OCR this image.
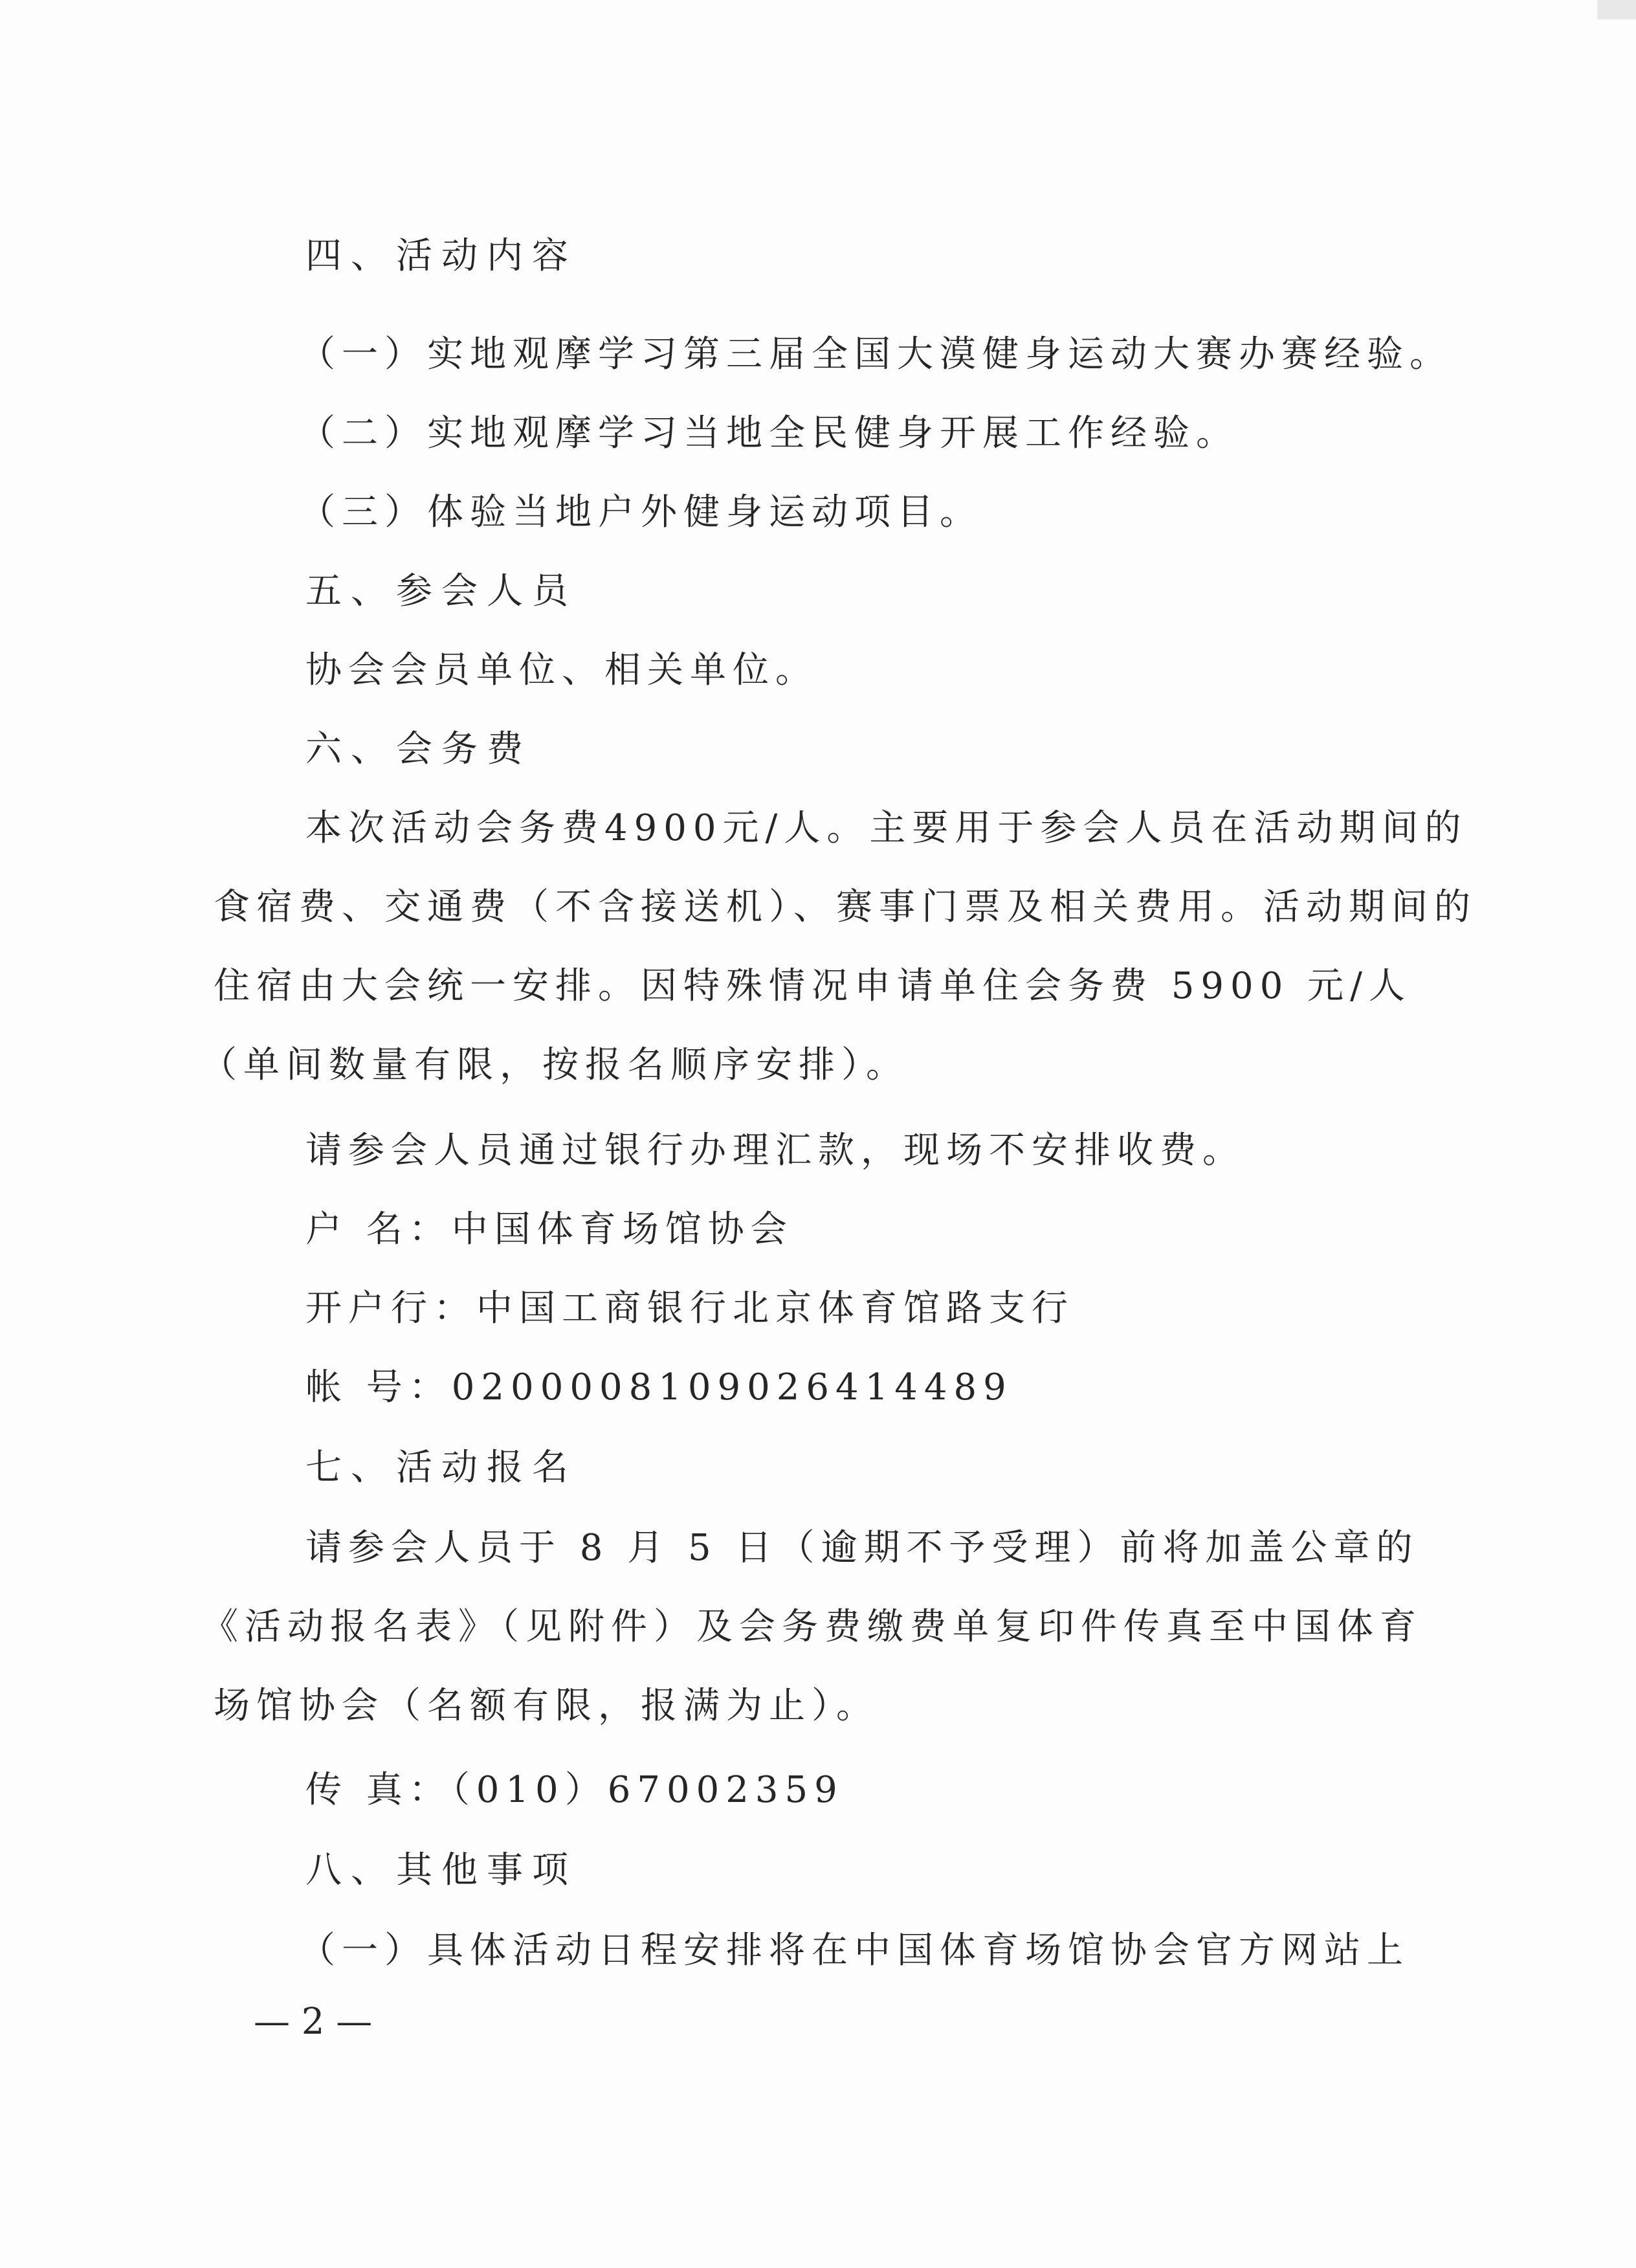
四、活动内容
（一）实地观摩学习第三届全国大漠健身运动大赛办赛经验。
（二）实地观摩学习当地全民健身开展工作经验。
（三）体验当地户外健身运动项目。
五、参会人员
协会会员单位、相关单位。
六、会务费
本次活动会务费4900元/人。主要用于参会人员在活动期间的
食宿费、交通费（不含接送机）、赛事门票及相关费用。活动期间的
住宿由大会统一安排。因特殊情况申请单住会务费 5900 元/人
（单间数量有限，按报名顺序安排）。
请参会人员通过银行办理汇款，现场不安排收费。
户 名：中国体育场馆协会
开户行：中国工商银行北京体育馆路支行
帐 号：0200008109026414489
七、活动报名
请参会人员于 8 月 5 日（逾期不予受理）前将加盖公章的
《活动报名表》（见附件）及会务费缴费单复印件传真至中国体育
场馆协会（名额有限，报满为止）。
传 真：（010）67002359
八、其他事项
（一）具体活动日程安排将在中国体育场馆协会官方网站上
— 2 —
